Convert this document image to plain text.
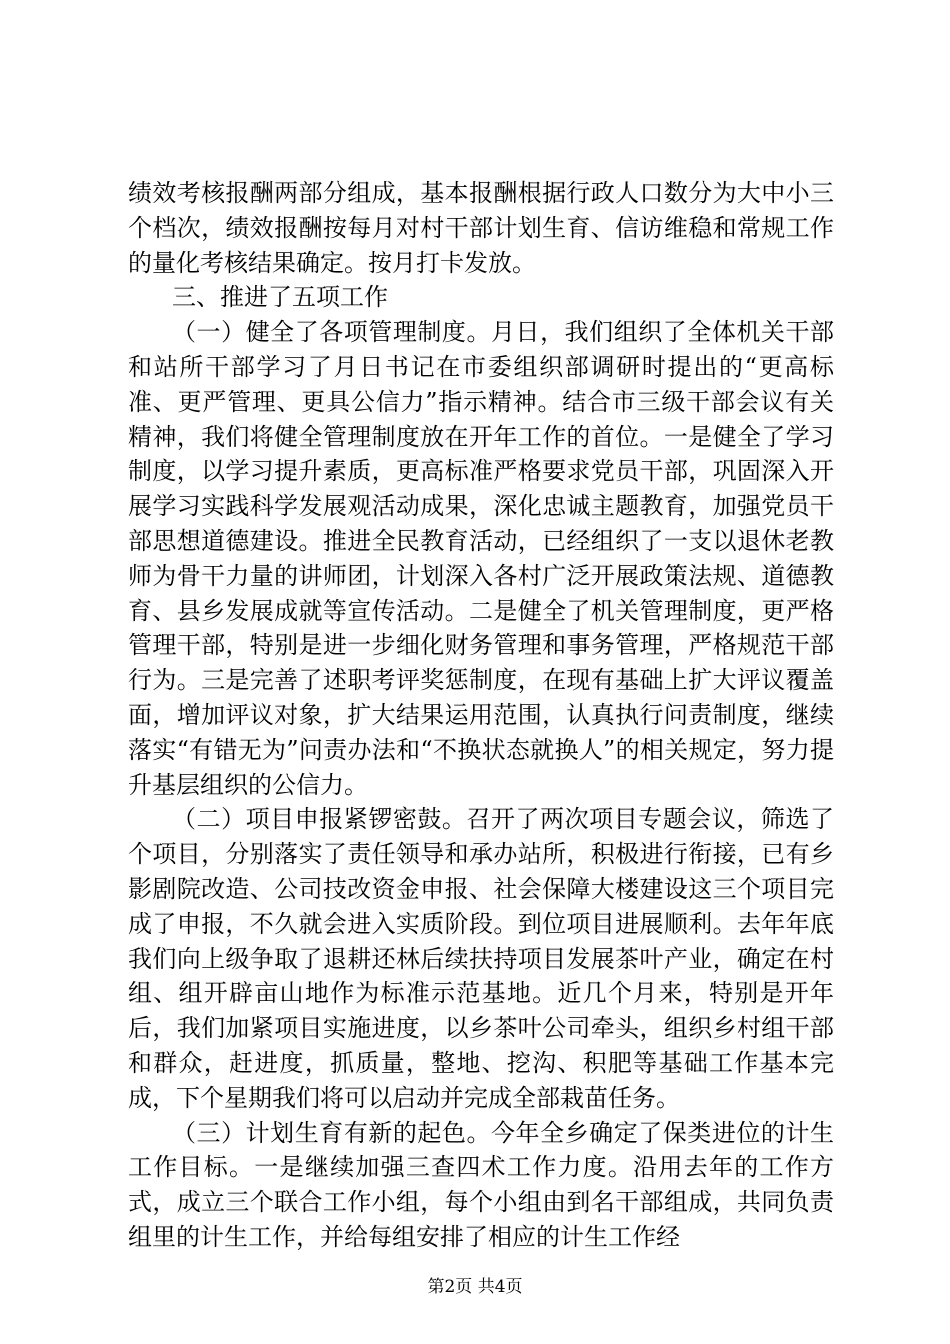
绩效考核报酬两部分组成，基本报酬根据行政人口数分为大中小三个档次，绩效报酬按每月对村干部计划生育、信访维稳和常规工作的量化考核结果确定。按月打卡发放。

三、推进了五项工作

（一）健全了各项管理制度。月日，我们组织了全体机关干部和站所干部学习了月日书记在市委组织部调研时提出的“更高标准、更严管理、更具公信力”指示精神。结合市三级干部会议有关精神，我们将健全管理制度放在开年工作的首位。一是健全了学习制度，以学习提升素质，更高标准严格要求党员干部，巩固深入开展学习实践科学发展观活动成果，深化忠诚主题教育，加强党员干部思想道德建设。推进全民教育活动，已经组织了一支以退休老教师为骨干力量的讲师团，计划深入各村广泛开展政策法规、道德教育、县乡发展成就等宣传活动。二是健全了机关管理制度，更严格管理干部，特别是进一步细化财务管理和事务管理，严格规范干部行为。三是完善了述职考评奖惩制度，在现有基础上扩大评议覆盖面，增加评议对象，扩大结果运用范围，认真执行问责制度，继续落实“有错无为”问责办法和“不换状态就换人”的相关规定，努力提升基层组织的公信力。

（二）项目申报紧锣密鼓。召开了两次项目专题会议，筛选了个项目，分别落实了责任领导和承办站所，积极进行衔接，已有乡影剧院改造、公司技改资金申报、社会保障大楼建设这三个项目完成了申报，不久就会进入实质阶段。到位项目进展顺利。去年年底我们向上级争取了退耕还林后续扶持项目发展茶叶产业，确定在村组、组开辟亩山地作为标准示范基地。近几个月来，特别是开年后，我们加紧项目实施进度，以乡茶叶公司牵头，组织乡村组干部和群众，赶进度，抓质量，整地、挖沟、积肥等基础工作基本完成，下个星期我们将可以启动并完成全部栽苗任务。

（三）计划生育有新的起色。今年全乡确定了保类进位的计生工作目标。一是继续加强三查四术工作力度。沿用去年的工作方式，成立三个联合工作小组，每个小组由到名干部组成，共同负责组里的计生工作，并给每组安排了相应的计生工作经

第2页 共4页
